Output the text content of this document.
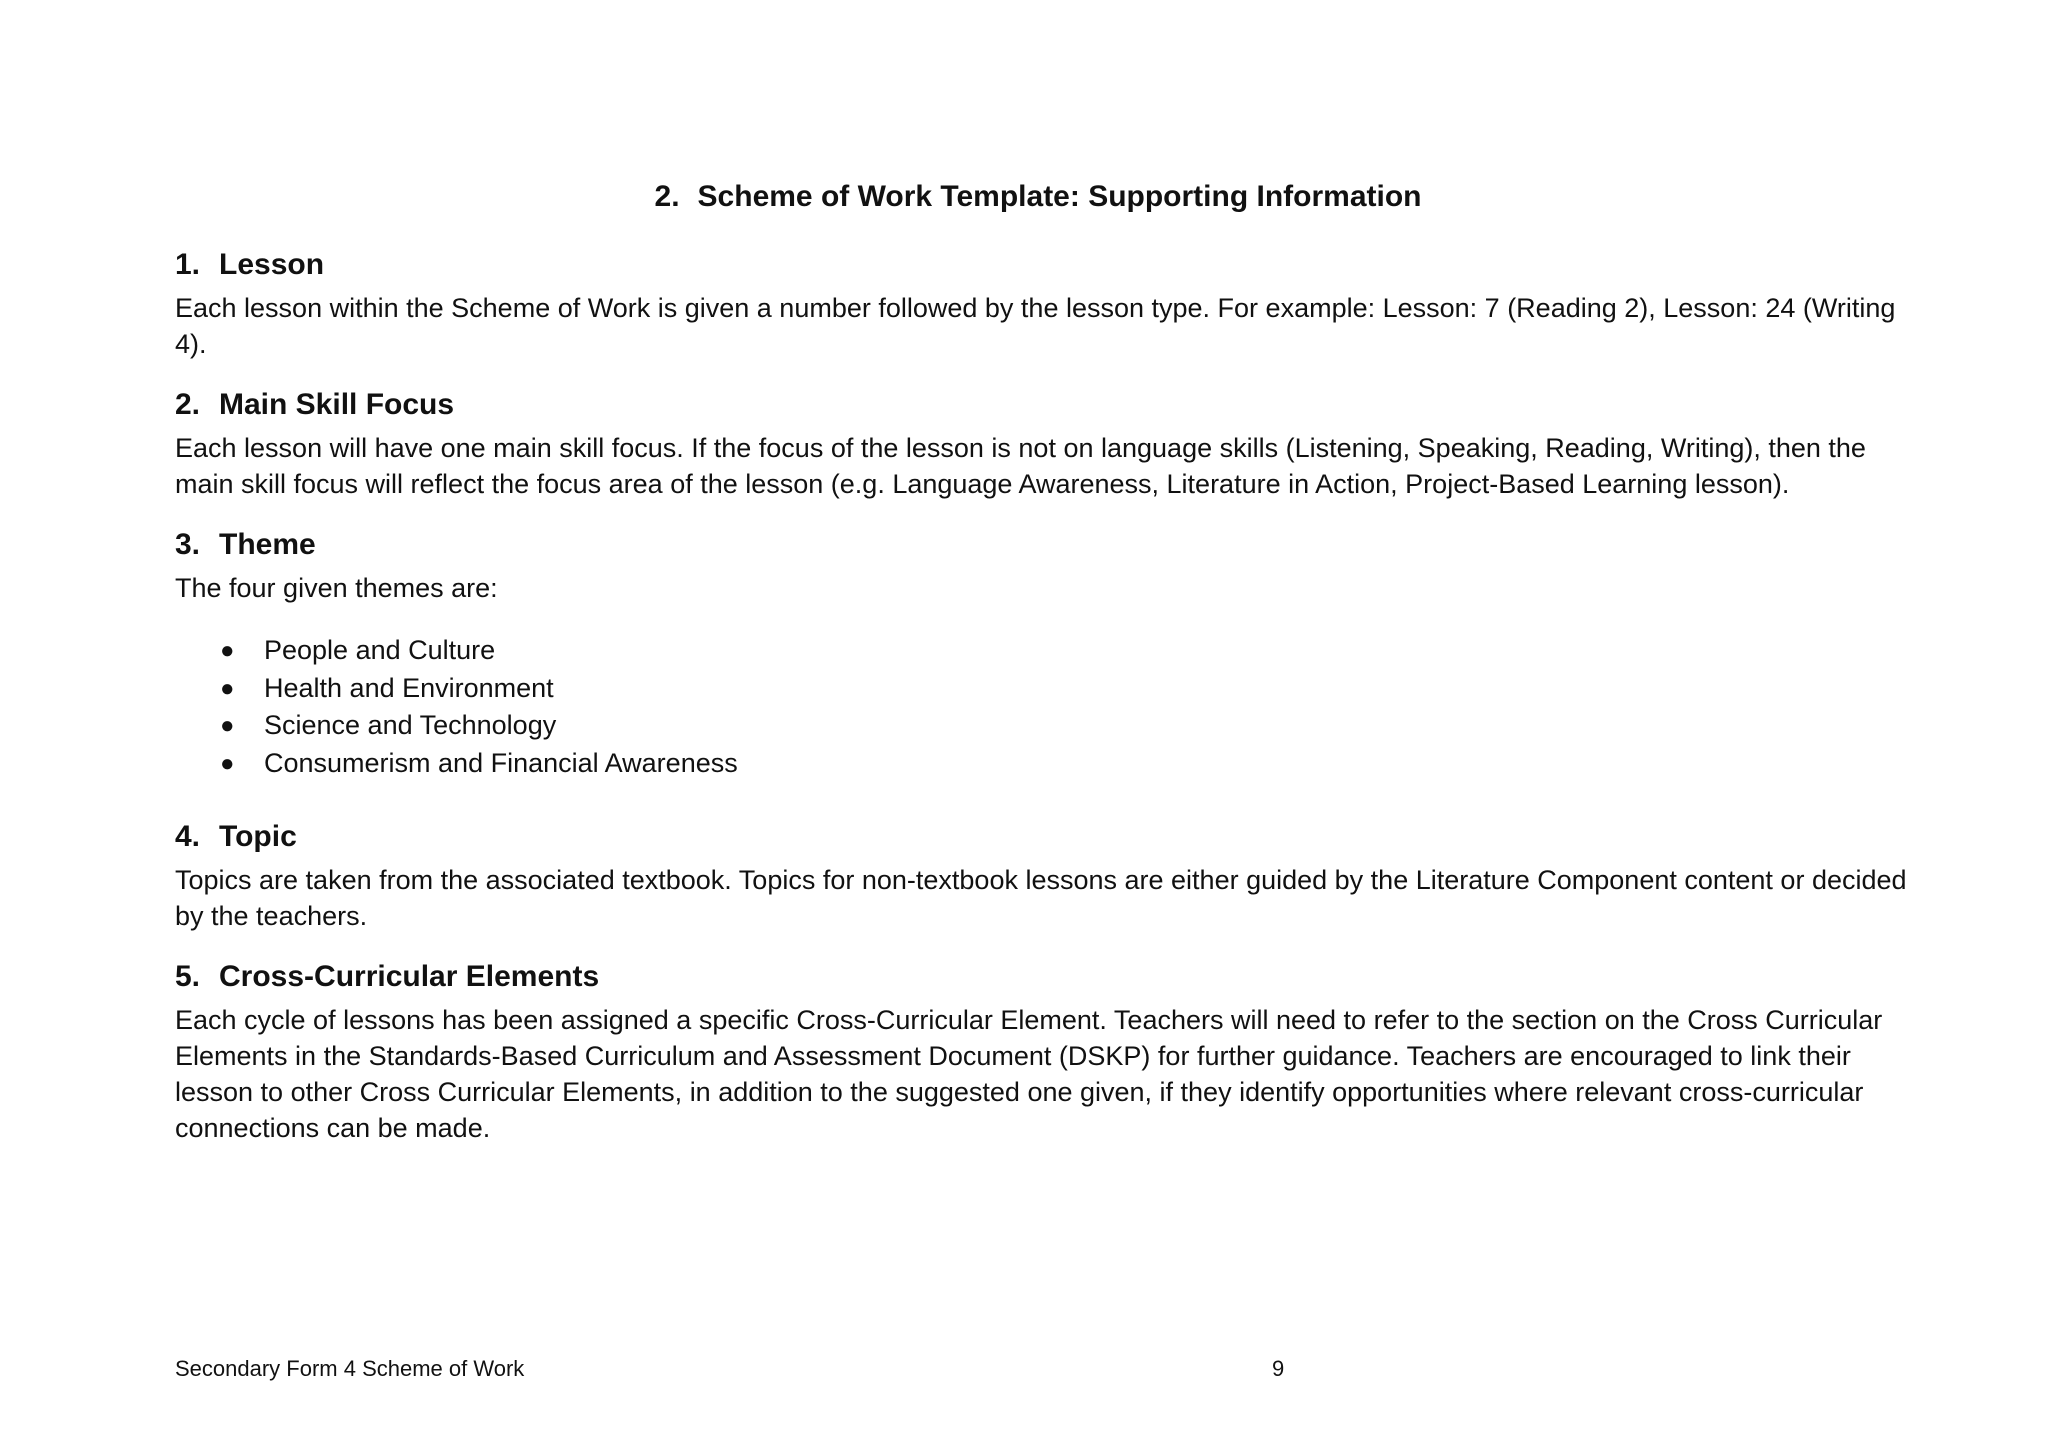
2. Scheme of Work Template: Supporting Information
1. Lesson

Each lesson within the Scheme of Work is given a number followed by the lesson type. For example: Lesson: 7 (Reading 2), Lesson: 24 (Writing 4).

2. Main Skill Focus

Each lesson will have one main skill focus. If the focus of the lesson is not on language skills (Listening, Speaking, Reading, Writing), then the main skill focus will reflect the focus area of the lesson (e.g. Language Awareness, Literature in Action, Project-Based Learning lesson).

3. Theme

The four given themes are:

● People and Culture
● Health and Environment
● Science and Technology
● Consumerism and Financial Awareness
4. Topic

Topics are taken from the associated textbook. Topics for non-textbook lessons are either guided by the Literature Component content or decided by the teachers.

5. Cross-Curricular Elements

Each cycle of lessons has been assigned a specific Cross-Curricular Element. Teachers will need to refer to the section on the Cross Curricular Elements in the Standards-Based Curriculum and Assessment Document (DSKP) for further guidance. Teachers are encouraged to link their lesson to other Cross Curricular Elements, in addition to the suggested one given, if they identify opportunities where relevant cross-curricular connections can be made.

Secondary Form 4 Scheme of Work	9
